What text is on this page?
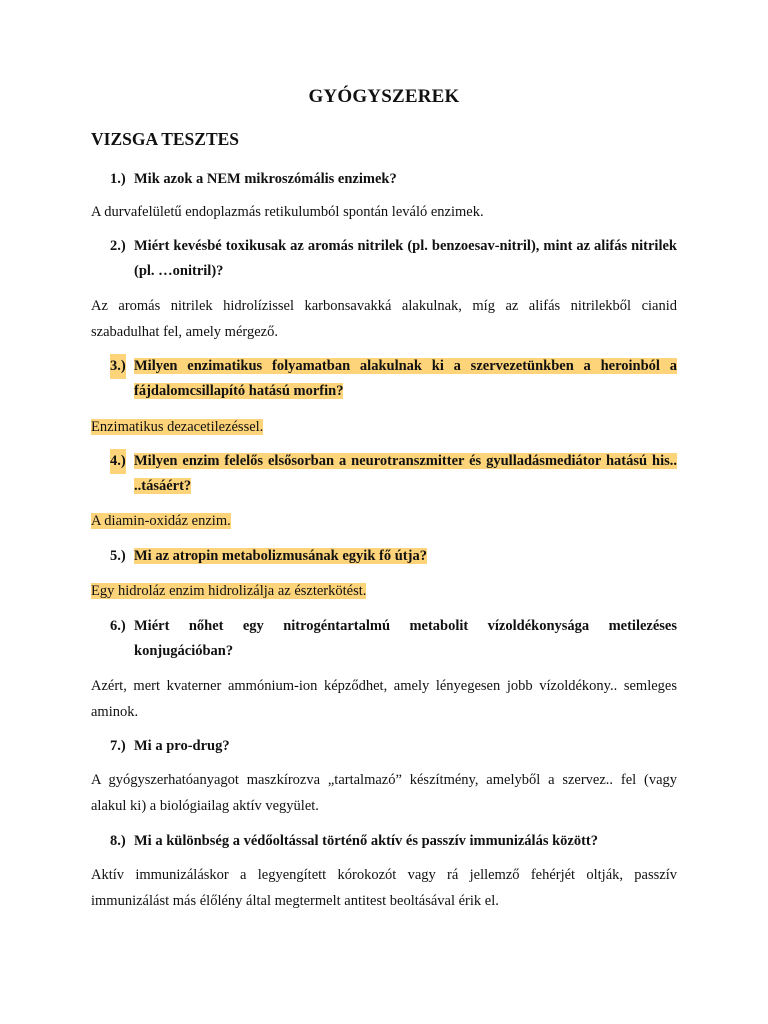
GYÓGYSZEREK
VIZSGA TESZTES
1.) Mik azok a NEM mikroszómális enzimek?

A durvafelületű endoplazmás retikulumból spontán leváló enzimek.

2.) Miért kevésbé toxikusak az aromás nitrilek (pl. benzoesav-nitril), mint az alifás nitrilek (pl. …onitril)?

Az aromás nitrilek hidrolízissel karbonsavakká alakulnak, míg az alifás nitrilekből cianid szabadulhat fel, amely mérgező.

3.) Milyen enzimatikus folyamatban alakulnak ki a szervezetünkben a heroinból a fájdalomcsillapító hatású morfin?

Enzimatikus dezacetilezéssel.

4.) Milyen enzim felelős elsősorban a neurotranszmitter és gyulladásmediátor hatású his.. ..tásáért?

A diamin-oxidáz enzim.

5.) Mi az atropin metabolizmusának egyik fő útja?

Egy hidroláz enzim hidrolizálja az észterkötést.

6.) Miért nőhet egy nitrogéntartalmú metabolit vízoldékonysága metilezéses konjugációban?

Azért, mert kvaterner ammónium-ion képződhet, amely lényegesen jobb vízoldékony.. semleges aminok.

7.) Mi a pro-drug?

A gyógyszerhatóanyagot maszkírozva „tartalmazó” készítmény, amelyből a szervez.. fel (vagy alakul ki) a biológiailag aktív vegyület.

8.) Mi a különbség a védőoltással történő aktív és passzív immunizálás között?

Aktív immunizáláskor a legyengített kórokozót vagy rá jellemző fehérjét oltják, passzív immunizálást más élőlény által megtermelt antitest beoltásával érik el.
